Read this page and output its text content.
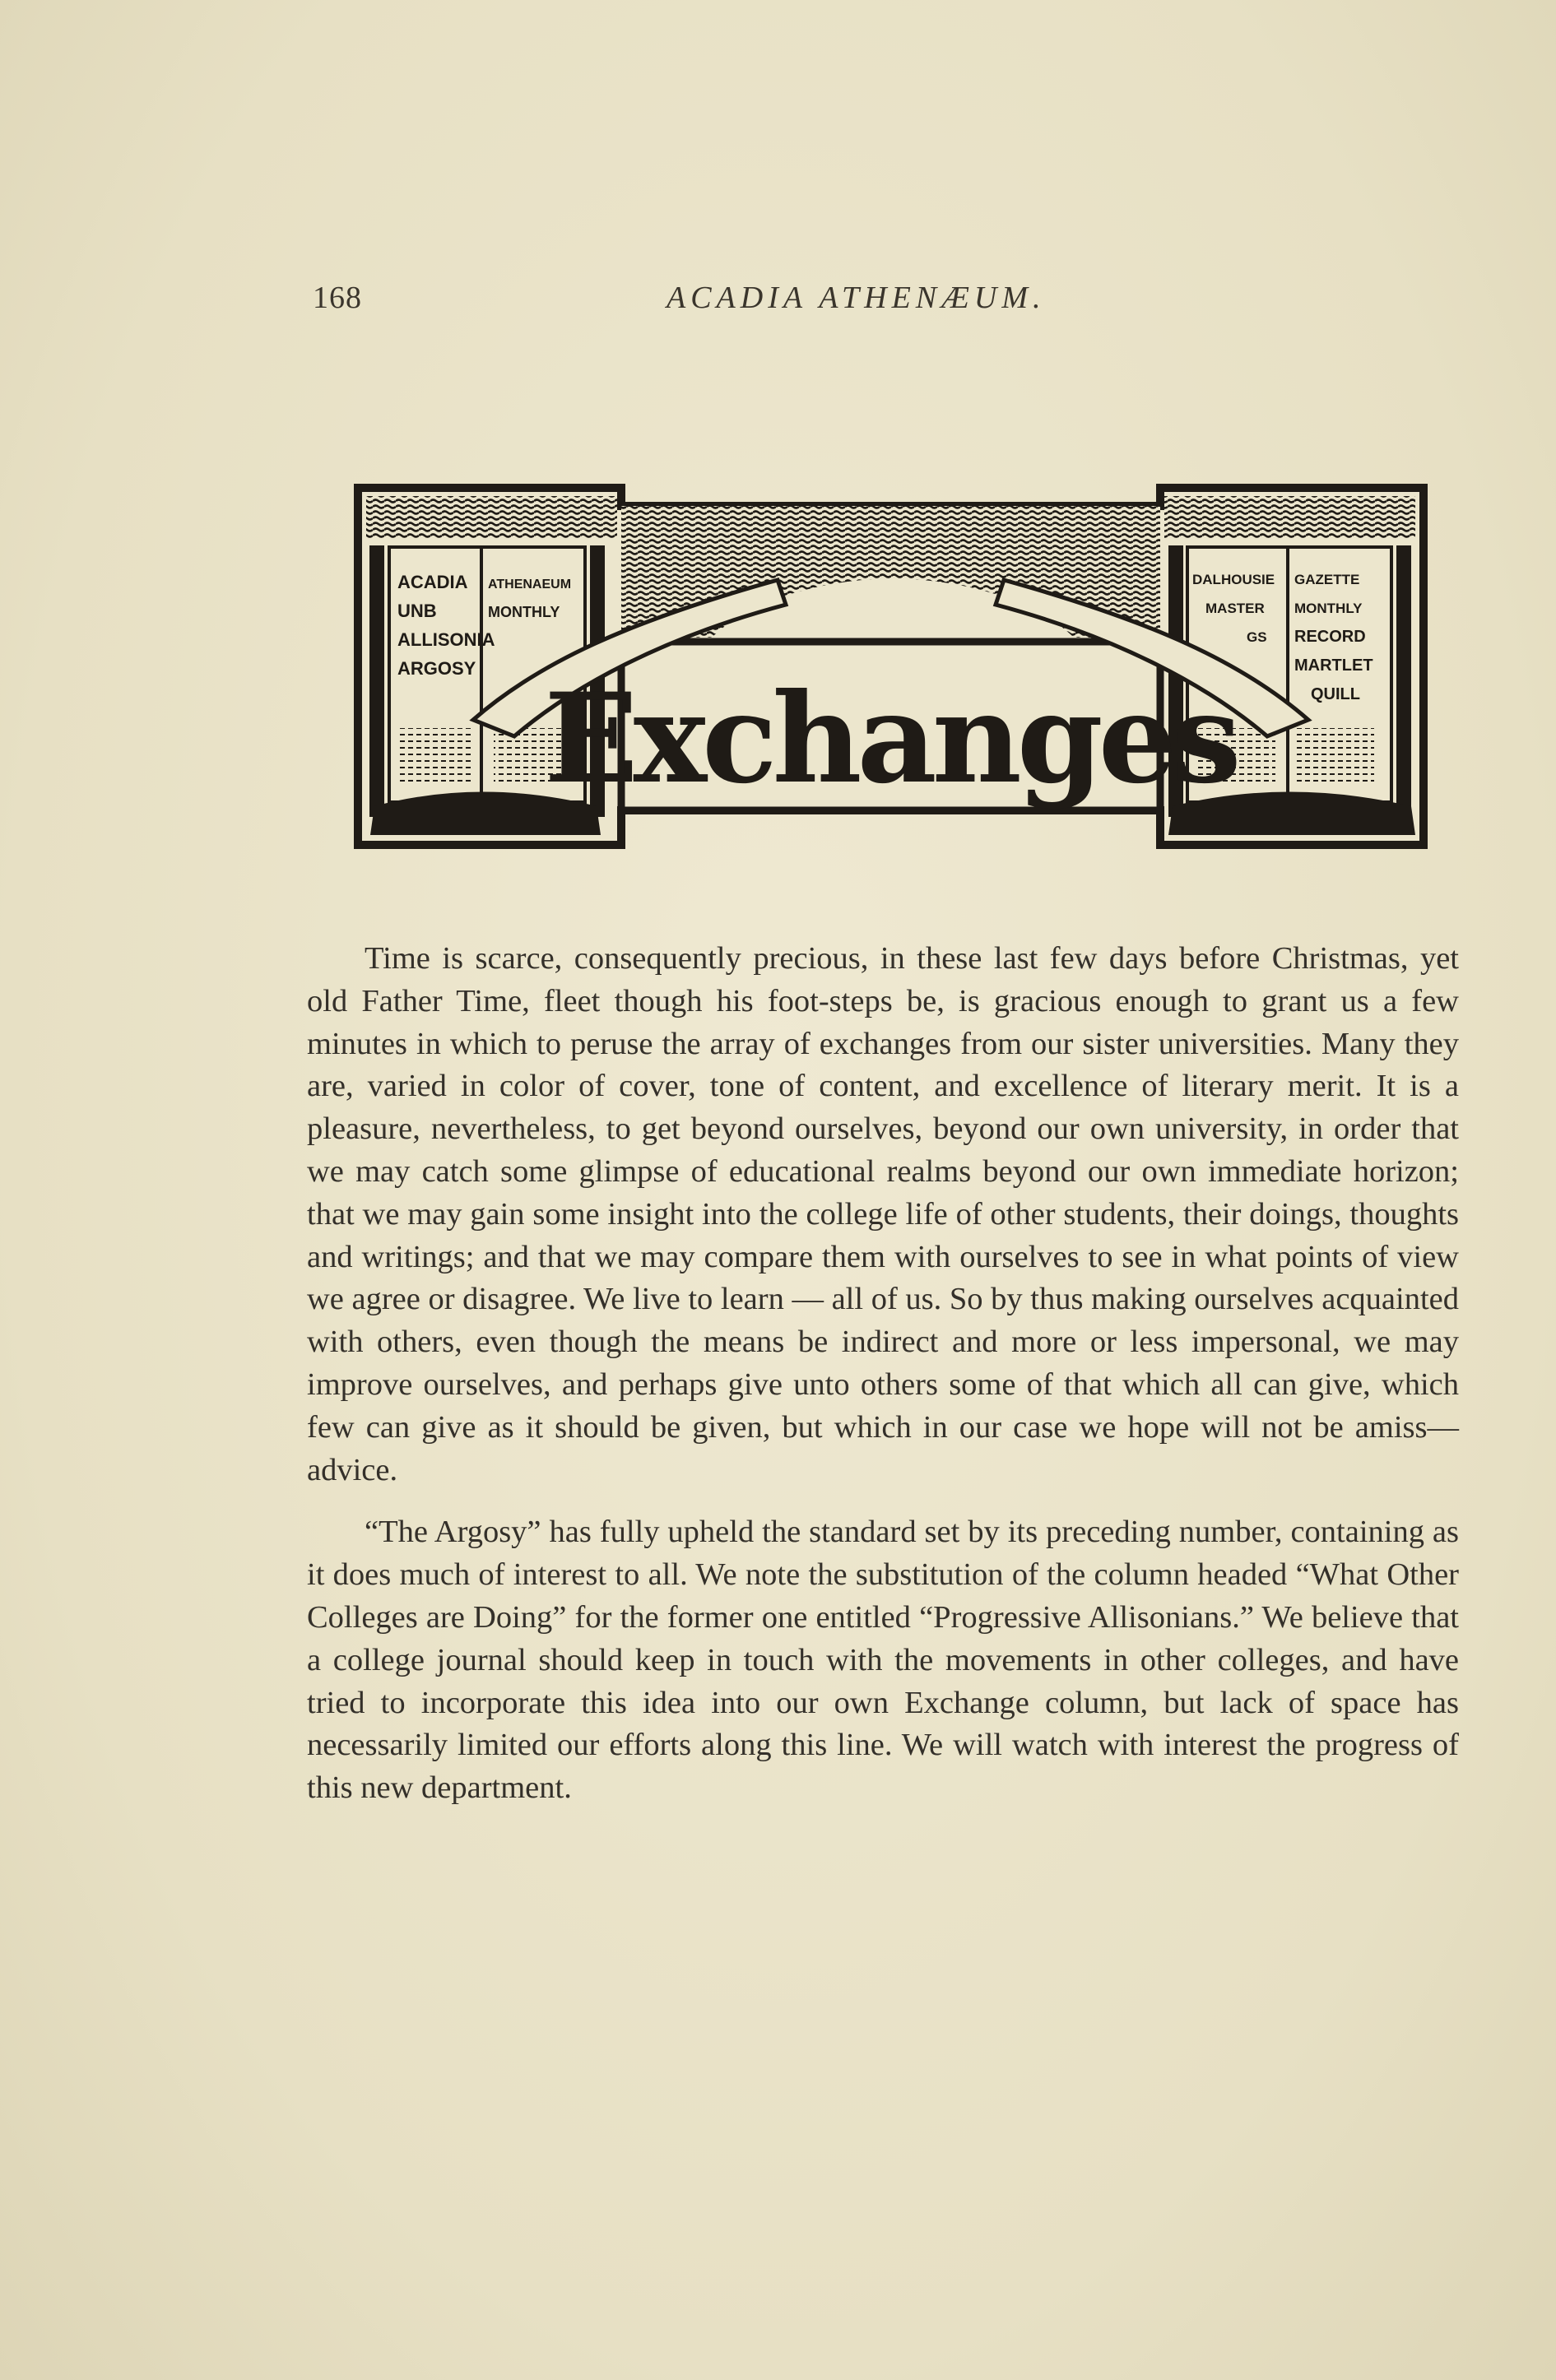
168	ACADIA ATHENÆUM.
ACADIA
UNB
ALLISONIA
ARGOSY
ATHENAEUM
MONTHLY
DALHOUSIE
MASTER
GS
GAZETTE
MONTHLY
RECORD
MARTLET
QUILL
Exchanges

Time is scarce, consequently precious, in these last few days before Christmas, yet old Father Time, fleet though his foot-steps be, is gracious enough to grant us a few minutes in which to peruse the array of exchanges from our sister universities. Many they are, varied in color of cover, tone of content, and excellence of literary merit. It is a pleasure, nevertheless, to get beyond ourselves, beyond our own university, in order that we may catch some glimpse of educational realms beyond our own immediate horizon; that we may gain some insight into the college life of other students, their doings, thoughts and writings; and that we may compare them with ourselves to see in what points of view we agree or disagree. We live to learn — all of us. So by thus making ourselves acquainted with others, even though the means be indirect and more or less impersonal, we may improve ourselves, and perhaps give unto others some of that which all can give, which few can give as it should be given, but which in our case we hope will not be amiss—advice.

“The Argosy” has fully upheld the standard set by its preceding number, containing as it does much of interest to all. We note the substitution of the column headed “What Other Colleges are Doing” for the former one entitled “Progressive Allisonians.” We believe that a college journal should keep in touch with the movements in other colleges, and have tried to incorporate this idea into our own Exchange column, but lack of space has necessarily limited our efforts along this line. We will watch with interest the progress of this new department.
